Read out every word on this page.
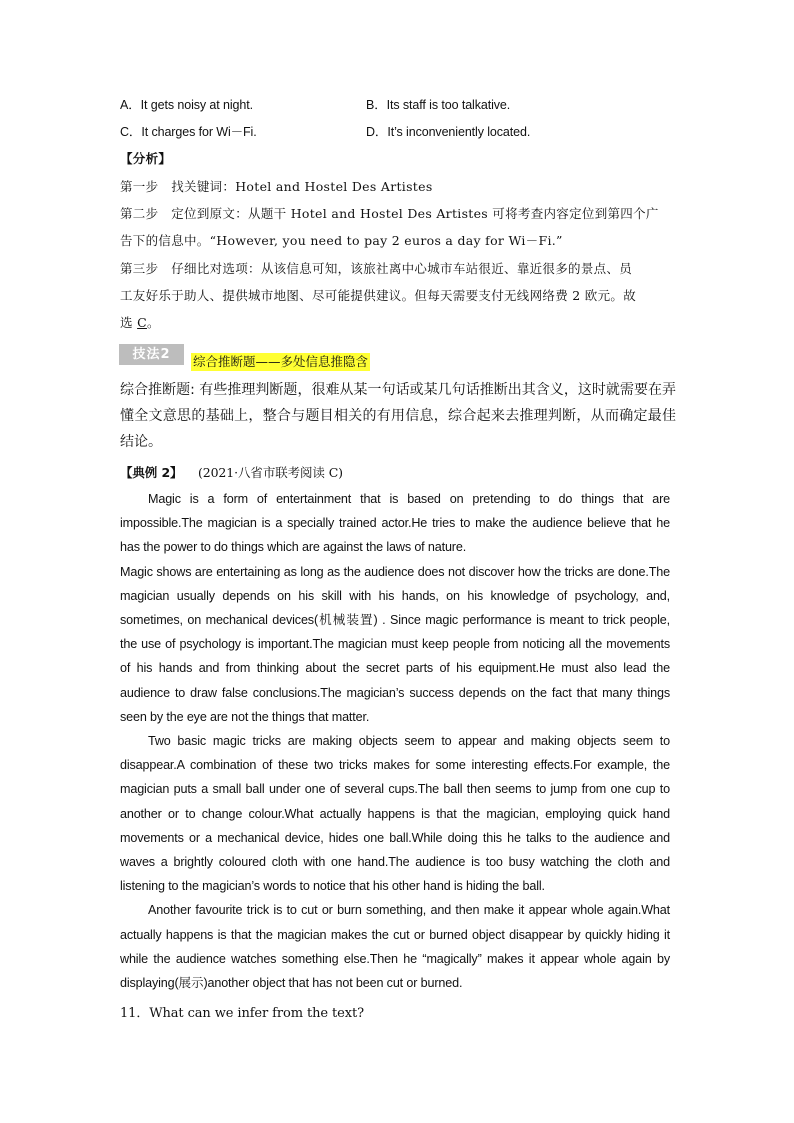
A．It gets noisy at night.	B．Its staff is too talkative.
C．It charges for Wi－Fi.	D．It’s inconveniently located.
【分析】
第一步 找关键词：Hotel and Hostel Des Artistes
第二步 定位到原文：从题干 Hotel and Hostel Des Artistes 可将考查内容定位到第四个广
告下的信息中。“However, you need to pay 2 euros a day for Wi－Fi.”
第三步 仔细比对选项：从该信息可知，该旅社离中心城市车站很近、靠近很多的景点、员
工友好乐于助人、提供城市地图、尽可能提供建议。但每天需要支付无线网络费 2 欧元。故
选 C。
技法2	综合推断题——多处信息推隐含
综合推断题: 有些推理判断题，很难从某一句话或某几句话推断出其含义，这时就需要在弄懂全文意思的基础上，整合与题目相关的有用信息，综合起来去推理判断，从而确定最佳结论。
【典例 2】 (2021·八省市联考阅读 C)

Magic is a form of entertainment that is based on pretending to do things that are impossible.The magician is a specially trained actor.He tries to make the audience believe that he has the power to do things which are against the laws of nature.

Magic shows are entertaining as long as the audience does not discover how the tricks are done.The magician usually depends on his skill with his hands, on his knowledge of psychology, and, sometimes, on mechanical devices(机械装置) . Since magic performance is meant to trick people, the use of psychology is important.The magician must keep people from noticing all the movements of his hands and from thinking about the secret parts of his equipment.He must also lead the audience to draw false conclusions.The magician’s success depends on the fact that many things seen by the eye are not the things that matter.

Two basic magic tricks are making objects seem to appear and making objects seem to disappear.A combination of these two tricks makes for some interesting effects.For example, the magician puts a small ball under one of several cups.The ball then seems to jump from one cup to another or to change colour.What actually happens is that the magician, employing quick hand movements or a mechanical device, hides one ball.While doing this he talks to the audience and waves a brightly coloured cloth with one hand.The audience is too busy watching the cloth and listening to the magician’s words to notice that his other hand is hiding the ball.

Another favourite trick is to cut or burn something, and then make it appear whole again.What actually happens is that the magician makes the cut or burned object disappear by quickly hiding it while the audience watches something else.Then he “magically” makes it appear whole again by displaying(展示)another object that has not been cut or burned.

11．What can we infer from the text?
